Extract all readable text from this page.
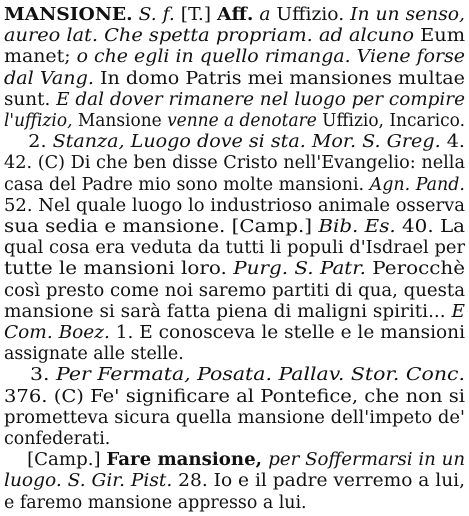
MANSIONE. S. f. [T.] Aff. a Uffizio. In un senso,
aureo lat. Che spetta propriam. ad alcuno Eum
manet; o che egli in quello rimanga. Viene forse
dal Vang. In domo Patris mei mansiones multae
sunt. E dal dover rimanere nel luogo per compire
l'uffizio, Mansione venne a denotare Uffizio, Incarico.
2. Stanza, Luogo dove si sta. Mor. S. Greg. 4.
42. (C) Di che ben disse Cristo nell'Evangelio: nella
casa del Padre mio sono molte mansioni. Agn. Pand.
52. Nel quale luogo lo industrioso animale osserva
sua sedia e mansione. [Camp.] Bib. Es. 40. La
qual cosa era veduta da tutti li populi d'Isdrael per
tutte le mansioni loro. Purg. S. Patr. Perocchè
così presto come noi saremo partiti di qua, questa
mansione si sarà fatta piena di maligni spiriti... E
Com. Boez. 1. E conosceva le stelle e le mansioni
assignate alle stelle.
3. Per Fermata, Posata. Pallav. Stor. Conc.
376. (C) Fe' significare al Pontefice, che non si
prometteva sicura quella mansione dell'impeto de'
confederati.
[Camp.] Fare mansione, per Soffermarsi in un
luogo. S. Gir. Pist. 28. Io e il padre verremo a lui,
e faremo mansione appresso a lui.
